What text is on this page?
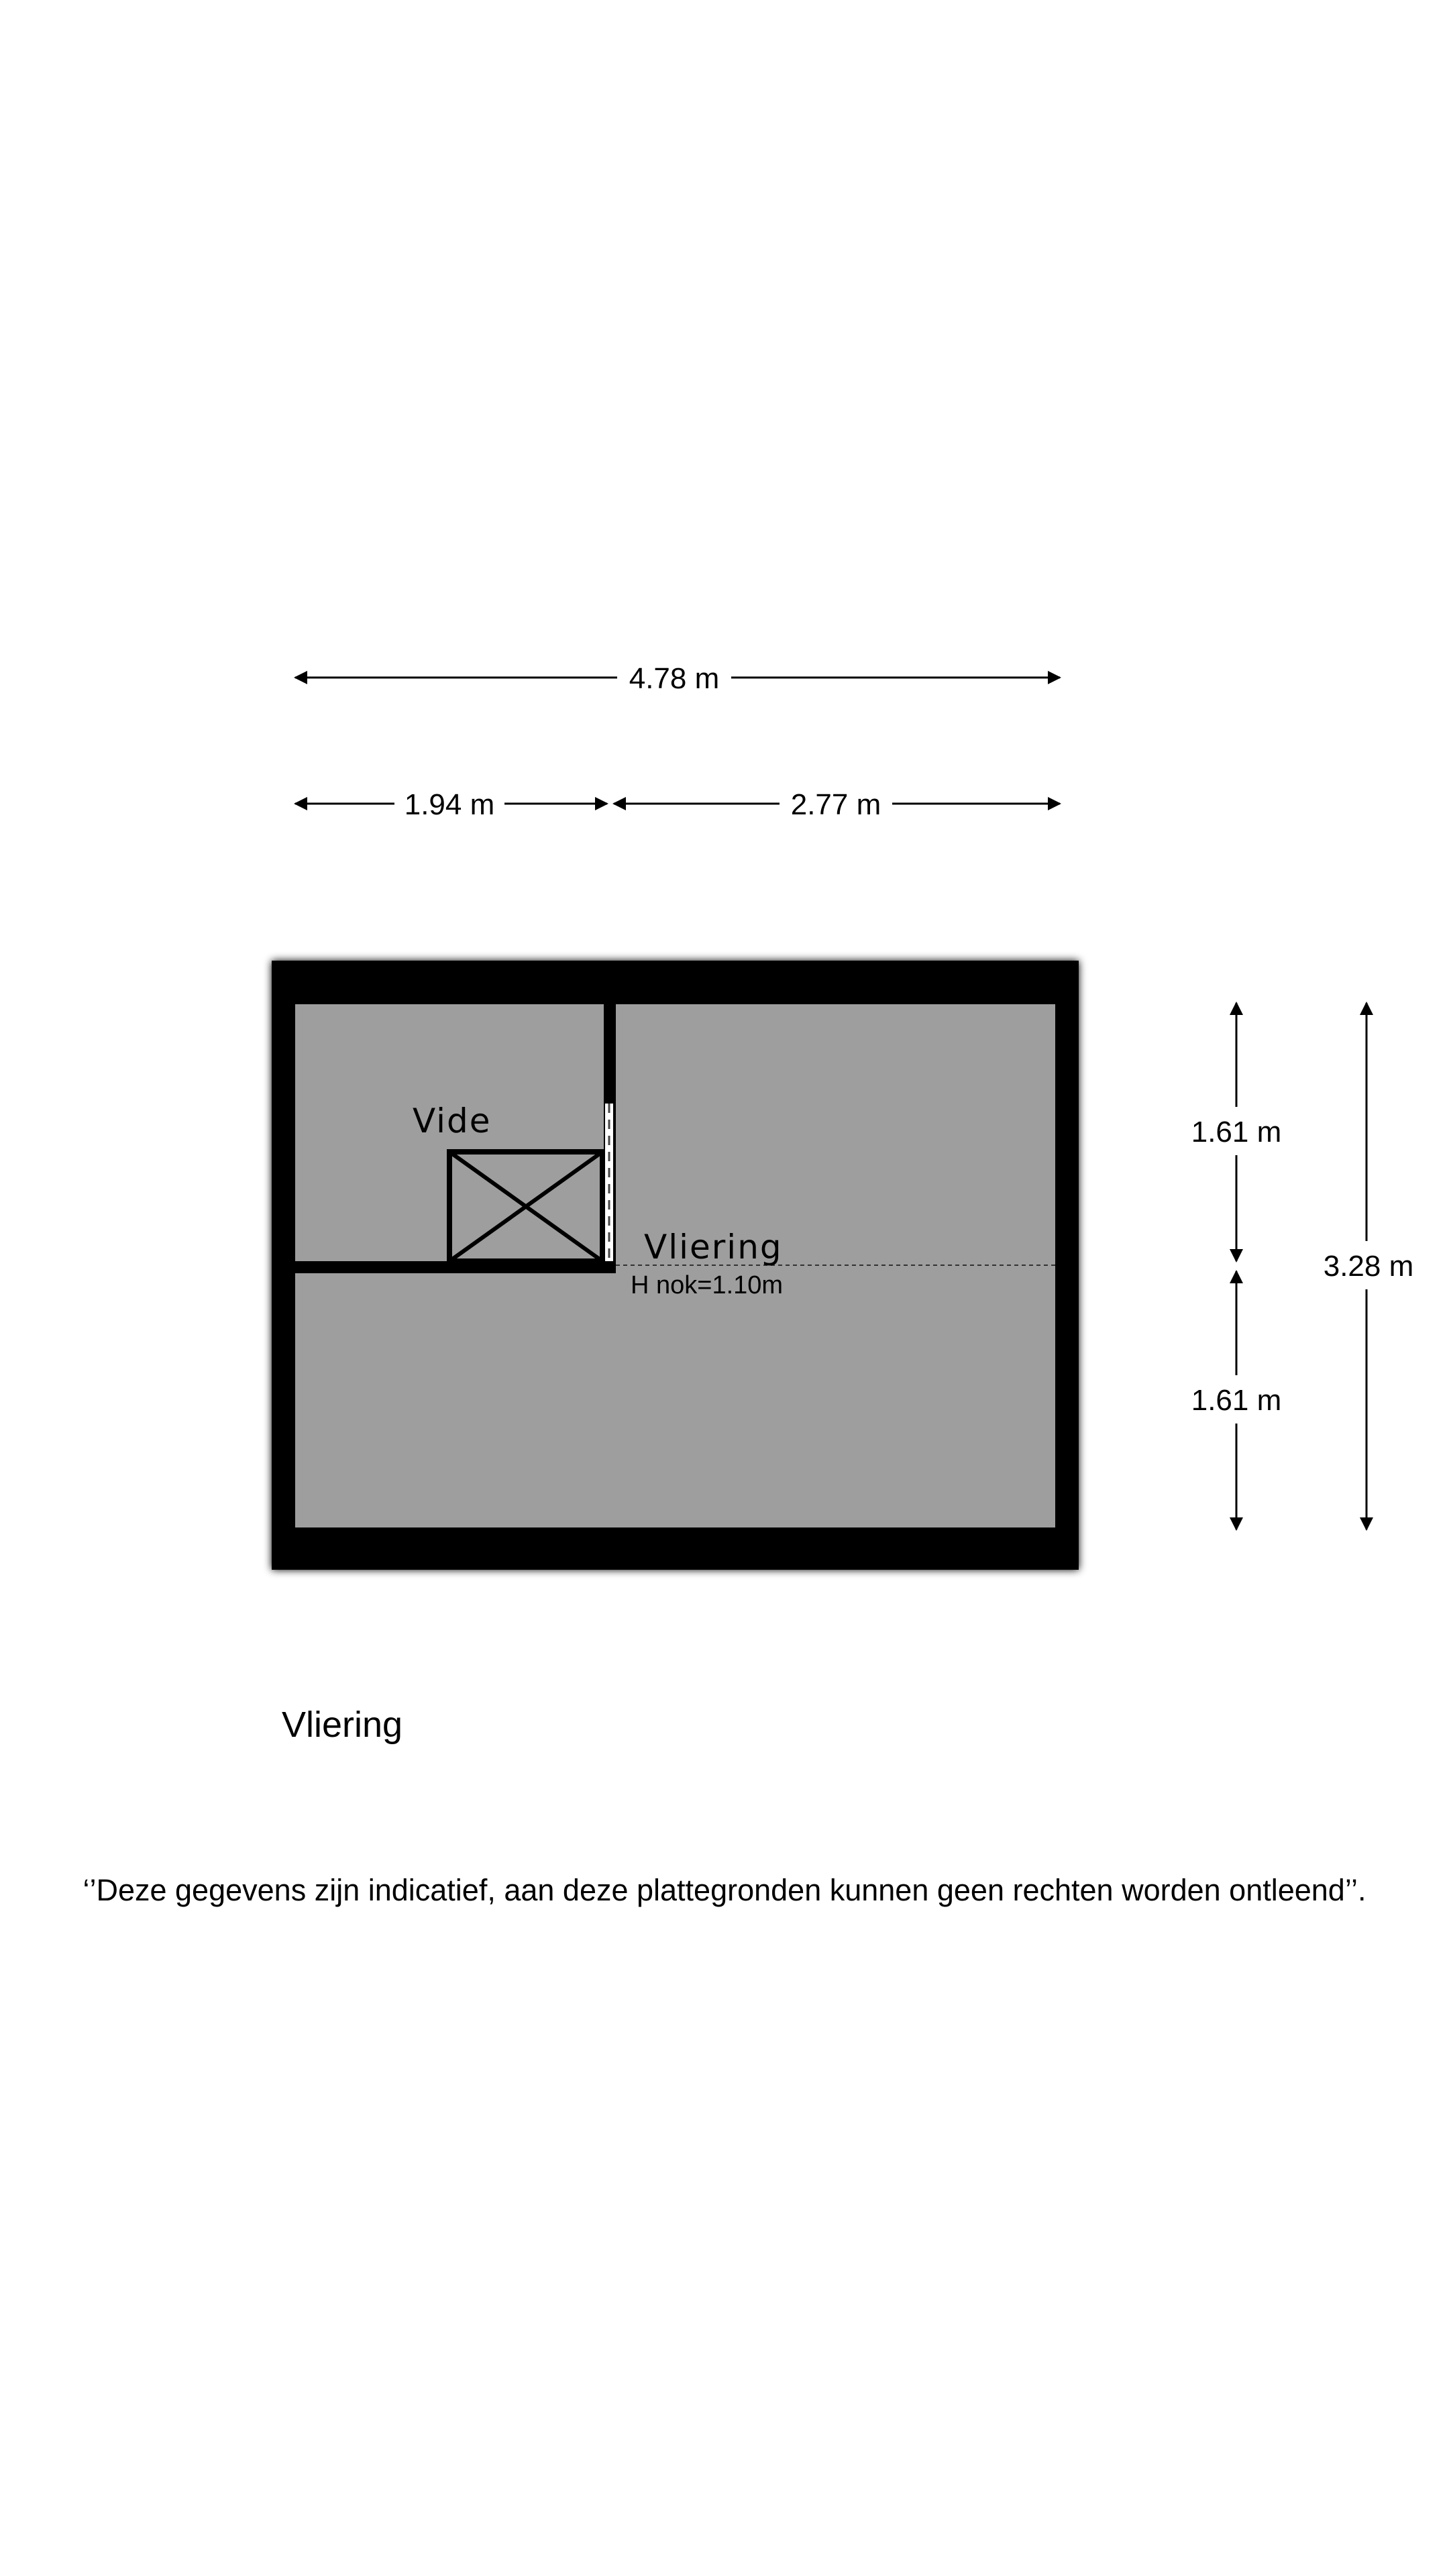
4.78 m
1.94 m	2.77 m
Vide
Vliering
H nok=1.10m
1.61 m
1.61 m
3.28 m
Vliering
‘’Deze gegevens zijn indicatief, aan deze plattegronden kunnen geen rechten worden ontleend’’.
